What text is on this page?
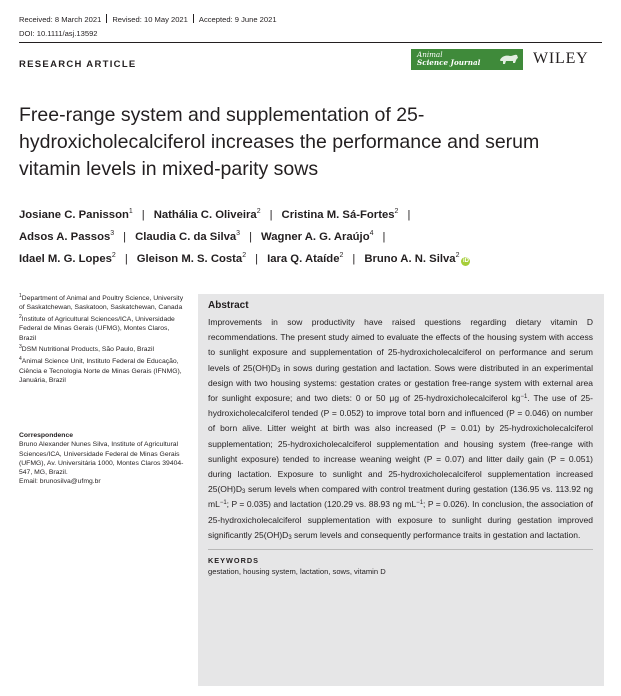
Received: 8 March 2021 Revised: 10 May 2021 Accepted: 9 June 2021
DOI: 10.1111/asj.13592
RESEARCH ARTICLE
Animal
Science Journal	WILEY
Free-range system and supplementation of 25-hydroxicholecalciferol increases the performance and serum vitamin levels in mixed-parity sows
Josiane C. Panisson$^1$ | Nathália C. Oliveira$^2$ | Cristina M. Sá-Fortes$^2$ |
Adsos A. Passos$^3$ | Claudia C. da Silva$^3$ | Wagner A. G. Araújo$^4$ |
Idael M. G. Lopes$^2$ | Gleison M. S. Costa$^2$ | Iara Q. Ataíde$^2$ | Bruno A. N. Silva$^2$iD
$^1$Department of Animal and Poultry Science, University of Saskatchewan, Saskatoon, Saskatchewan, Canada
$^2$Institute of Agricultural Sciences/ICA, Universidade Federal de Minas Gerais (UFMG), Montes Claros, Brazil
$^3$DSM Nutritional Products, São Paulo, Brazil
$^4$Animal Science Unit, Instituto Federal de Educação, Ciência e Tecnologia Norte de Minas Gerais (IFNMG), Januária, Brazil
Correspondence
Bruno Alexander Nunes Silva, Institute of Agricultural Sciences/ICA, Universidade Federal de Minas Gerais (UFMG), Av. Universitária 1000, Montes Claros 39404-547, MG, Brazil.
Email: brunosilva@ufmg.br
Abstract
Improvements in sow productivity have raised questions regarding dietary vitamin D recommendations. The present study aimed to evaluate the effects of the housing system with access to sunlight exposure and supplementation of 25-hydroxicholecalciferol on performance and serum levels of $25(OH)D_3$ in sows during gestation and lactation. Sows were distributed in an experimental design with two housing systems: gestation crates or gestation free-range system with external area for sunlight exposure; and two diets: 0 or 50 μg of 25-hydroxicholecalciferol $kg^{-1}$. The use of 25-hydroxicholecalciferol tended (P = 0.052) to improve total born and influenced (P = 0.046) on number of born alive. Litter weight at birth was also increased (P = 0.01) by 25-hydroxicholecalciferol supplementation; 25-hydroxicholecalciferol supplementation and housing system (free-range with sunlight exposure) tended to increase weaning weight (P = 0.07) and litter daily gain (P = 0.051) during lactation. Exposure to sunlight and 25-hydroxicholecalciferol supplementation increased $25(OH)D_3$ serum levels when compared with control treatment during gestation (136.95 vs. 113.92 ng $mL^{-1}$; P = 0.035) and lactation (120.29 vs. 88.93 ng $mL^{-1}$; P = 0.026). In conclusion, the association of 25-hydroxicholecalciferol supplementation with exposure to sunlight during gestation improved significantly $25(OH)D_3$ serum levels and consequently performance traits in gestation and lactation.
KEYWORDS
gestation, housing system, lactation, sows, vitamin D
